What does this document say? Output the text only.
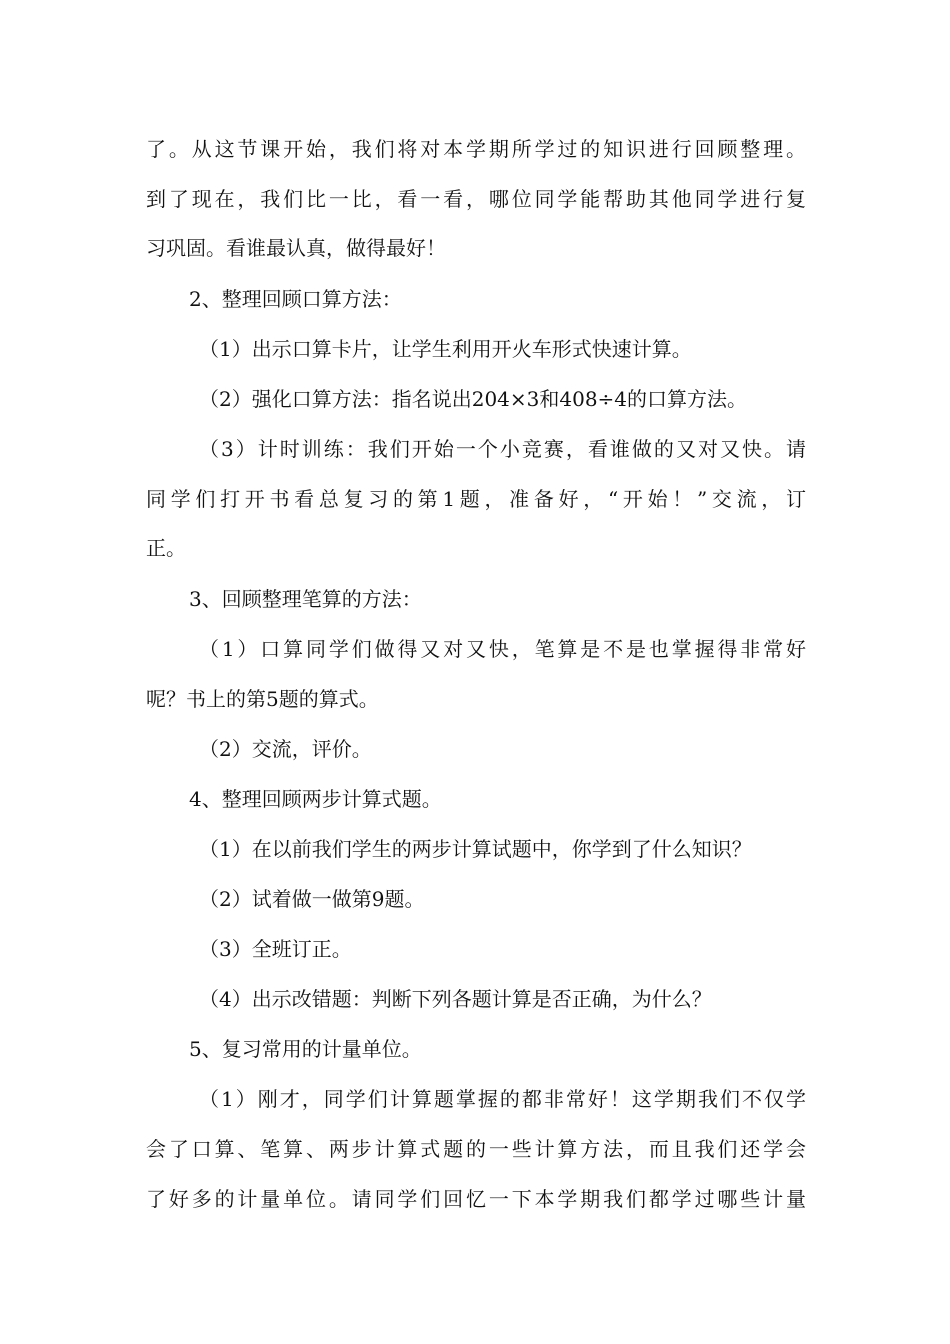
了。从这节课开始，我们将对本学期所学过的知识进行回顾整理。
到了现在，我们比一比，看一看，哪位同学能帮助其他同学进行复
习巩固。看谁最认真，做得最好！
2、整理回顾口算方法：
（1）出示口算卡片，让学生利用开火车形式快速计算。
（2）强化口算方法：指名说出204×3和408÷4的口算方法。
（3）计时训练：我们开始一个小竞赛，看谁做的又对又快。请
同学们打开书看总复习的第1题，准备好，“开始！”交流，订
正。
3、回顾整理笔算的方法：
（1）口算同学们做得又对又快，笔算是不是也掌握得非常好
呢？书上的第5题的算式。
（2）交流，评价。
4、整理回顾两步计算式题。
（1）在以前我们学生的两步计算试题中，你学到了什么知识？
（2）试着做一做第9题。
（3）全班订正。
（4）出示改错题：判断下列各题计算是否正确，为什么？
5、复习常用的计量单位。
（1）刚才，同学们计算题掌握的都非常好！这学期我们不仅学
会了口算、笔算、两步计算式题的一些计算方法，而且我们还学会
了好多的计量单位。请同学们回忆一下本学期我们都学过哪些计量
